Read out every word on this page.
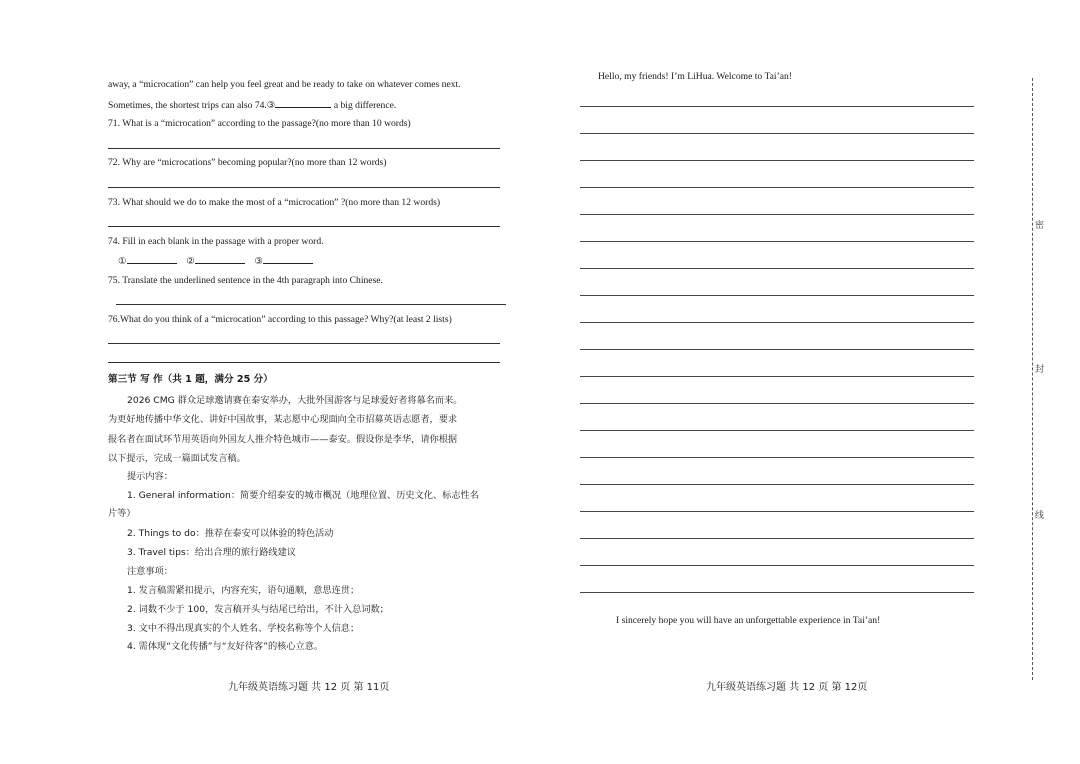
away, a “microcation” can help you feel great and be ready to take on whatever comes next.
Sometimes, the shortest trips can also 74.③	a big difference.
71. What is a “microcation” according to the passage?(no more than 10 words)
72. Why are “microcations” becoming popular?(no more than 12 words)
73. What should we do to make the most of a “microcation” ?(no more than 12 words)
74. Fill in each blank in the passage with a proper word.
①	②	③
75. Translate the underlined sentence in the 4th paragraph into Chinese.
76.What do you think of a “microcation” according to this passage? Why?(at least 2 lists)
第三节 写 作（共 1 题，满分 25 分）
2026 CMG 群众足球邀请赛在泰安举办，大批外国游客与足球爱好者将慕名而来。
为更好地传播中华文化、讲好中国故事，某志愿中心现面向全市招募英语志愿者，要求
报名者在面试环节用英语向外国友人推介特色城市——泰安。假设你是李华，请你根据
以下提示，完成一篇面试发言稿。
提示内容：
1. General information：简要介绍泰安的城市概况（地理位置、历史文化、标志性名
片等）
2. Things to do：推荐在泰安可以体验的特色活动
3. Travel tips：给出合理的旅行路线建议
注意事项：
1. 发言稿需紧扣提示，内容充实，语句通顺，意思连贯；
2. 词数不少于 100，发言稿开头与结尾已给出，不计入总词数；
3. 文中不得出现真实的个人姓名、学校名称等个人信息；
4. 需体现“文化传播”与“友好待客”的核心立意。
九年级英语练习题 共 12 页 第 11页
Hello, my friends! I’m LiHua. Welcome to Tai’an!
I sincerely hope you will have an unforgettable experience in Tai’an!
九年级英语练习题 共 12 页 第 12页
密
封
线
